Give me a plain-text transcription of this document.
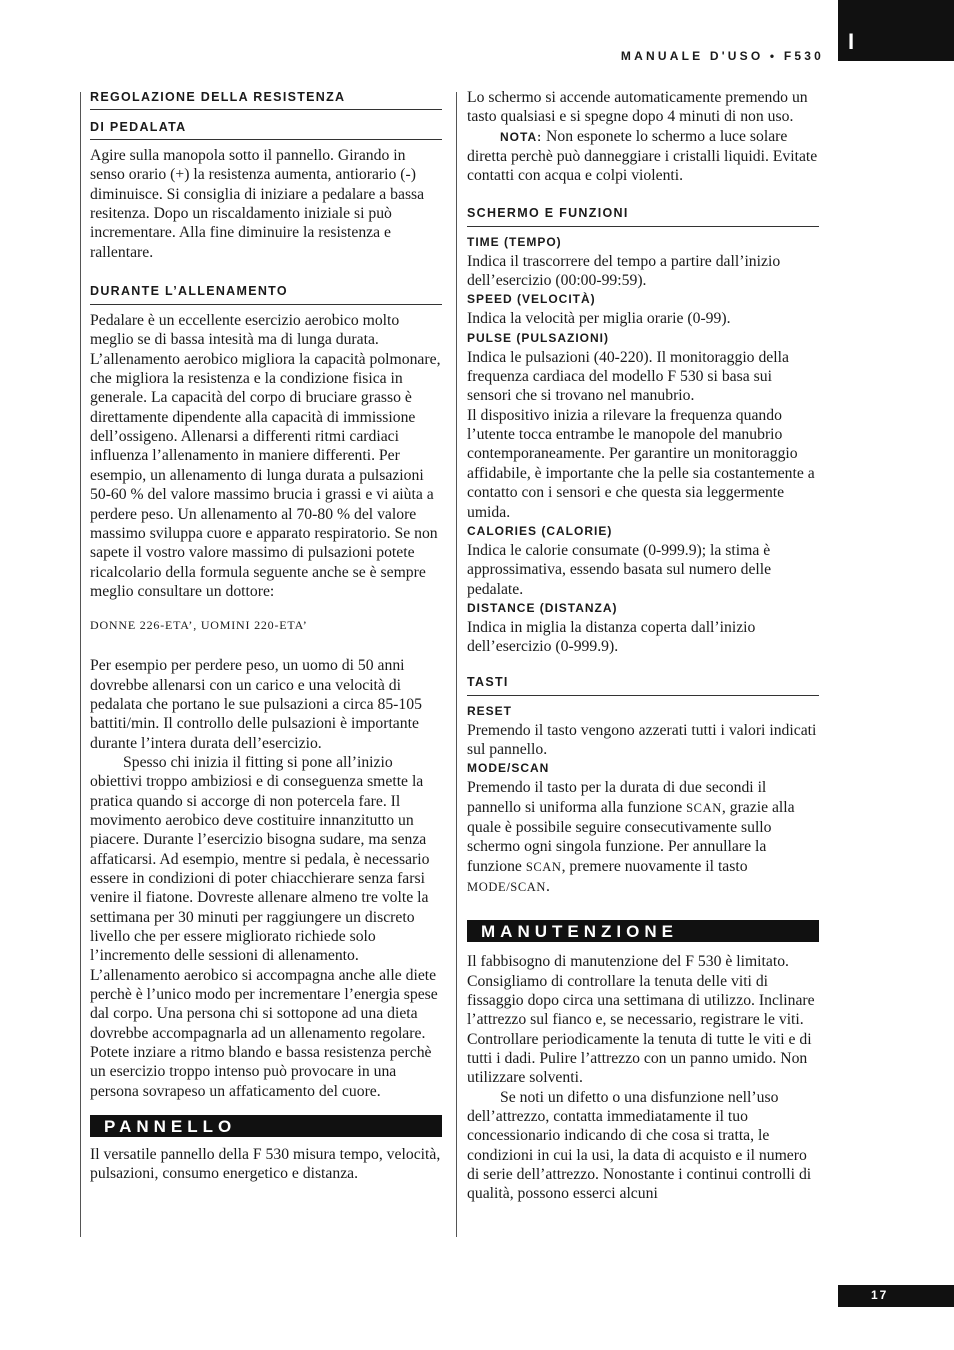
I
MANUALE D'USO • F530
REGOLAZIONE DELLA RESISTENZA
DI PEDALATA

Agire sulla manopola sotto il pannello. Girando in senso orario (+) la resistenza aumenta, antiorario (-) diminuisce. Si consiglia di iniziare a pedalare a bassa resitenza. Dopo un riscaldamento iniziale si può incrementare. Alla fine diminuire la resistenza e rallentare.

DURANTE L’ALLENAMENTO

Pedalare è un eccellente esercizio aerobico molto meglio se di bassa intesità ma di lunga durata. L’allenamento aerobico migliora la capacità polmonare, che migliora la resistenza e la condizione fisica in generale. La capacità del corpo di bruciare grasso è direttamente dipendente alla capacità di immissione dell’ossigeno. Allenarsi a differenti ritmi cardiaci influenza l’allenamento in maniere differenti. Per esempio, un allenamento di lunga durata a pulsazioni 50-60 % del valore massimo brucia i grassi e vi aiùta a perdere peso. Un allenamento al 70-80 % del valore massimo sviluppa cuore e apparato respiratorio. Se non sapete il vostro valore massimo di pulsazioni potete ricalcolario della formula seguente anche se è sempre meglio consultare un dottore:

DONNE 226-ETA’, UOMINI 220-ETA’

Per esempio per perdere peso, un uomo di 50 anni dovrebbe allenarsi con un carico e una velocità di pedalata che portano le sue pulsazioni a circa 85-105 battiti/min. Il controllo delle pulsazioni è importante durante l’intera durata dell’esercizio.

Spesso chi inizia il fitting si pone all’inizio obiettivi troppo ambiziosi e di conseguenza smette la pratica quando si accorge di non potercela fare. Il movimento aerobico deve costituire innanzitutto un piacere. Durante l’esercizio bisogna sudare, ma senza affaticarsi. Ad esempio, mentre si pedala, è necessario essere in condizioni di poter chiacchierare senza farsi venire il fiatone. Dovreste allenare almeno tre volte la settimana per 30 minuti per raggiungere un discreto livello che per essere migliorato richiede solo l’incremento delle sessioni di allenamento. L’allenamento aerobico si accompagna anche alle diete perchè è l’unico modo per incrementare l’energia spese dal corpo. Una persona chi si sottopone ad una dieta dovrebbe accompagnarla ad un allenamento regolare. Potete inziare a ritmo blando e bassa resistenza perchè un esercizio troppo intenso può provocare in una persona sovrapeso un affaticamento del cuore.

PANNELLO

Il versatile pannello della F 530 misura tempo, velocità, pulsazioni, consumo energetico e distanza.

Lo schermo si accende automaticamente premendo un tasto qualsiasi e si spegne dopo 4 minuti di non uso.

NOTA: Non esponete lo schermo a luce solare diretta perchè può danneggiare i cristalli liquidi. Evitate contatti con acqua e colpi violenti.

SCHERMO E FUNZIONI
TIME (TEMPO)

Indica il trascorrere del tempo a partire dall’inizio dell’esercizio (00:00-99:59).

SPEED (VELOCITÀ)

Indica la velocità per miglia orarie (0-99).

PULSE (PULSAZIONI)

Indica le pulsazioni (40-220). Il monitoraggio della frequenza cardiaca del modello F 530 si basa sui sensori che si trovano nel manubrio.

Il dispositivo inizia a rilevare la frequenza quando l’utente tocca entrambe le manopole del manubrio contemporaneamente. Per garantire un monitoraggio affidabile, è importante che la pelle sia costantemente a contatto con i sensori e che questa sia leggermente umida.

CALORIES (CALORIE)

Indica le calorie consumate (0-999.9); la stima è approssimativa, essendo basata sul numero delle pedalate.

DISTANCE (DISTANZA)

Indica in miglia la distanza coperta dall’inizio dell’esercizio (0-999.9).

TASTI
RESET

Premendo il tasto vengono azzerati tutti i valori indicati sul pannello.

MODE/SCAN

Premendo il tasto per la durata di due secondi il pannello si uniforma alla funzione SCAN, grazie alla quale è possibile seguire consecutivamente sullo schermo ogni singola funzione. Per annullare la funzione SCAN, premere nuovamente il tasto MODE/SCAN.

MANUTENZIONE

Il fabbisogno di manutenzione del F 530 è limitato. Consigliamo di controllare la tenuta delle viti di fissaggio dopo circa una settimana di utilizzo. Inclinare l’attrezzo sul fianco e, se necessario, registrare le viti. Controllare periodicamente la tenuta di tutte le viti e di tutti i dadi. Pulire l’attrezzo con un panno umido. Non utilizzare solventi.

Se noti un difetto o una disfunzione nell’uso dell’attrezzo, contatta immediatamente il tuo concessionario indicando di che cosa si tratta, le condizioni in cui la usi, la data di acquisto e il numero di serie dell’attrezzo. Nonostante i continui controlli di qualità, possono esserci alcuni

17
